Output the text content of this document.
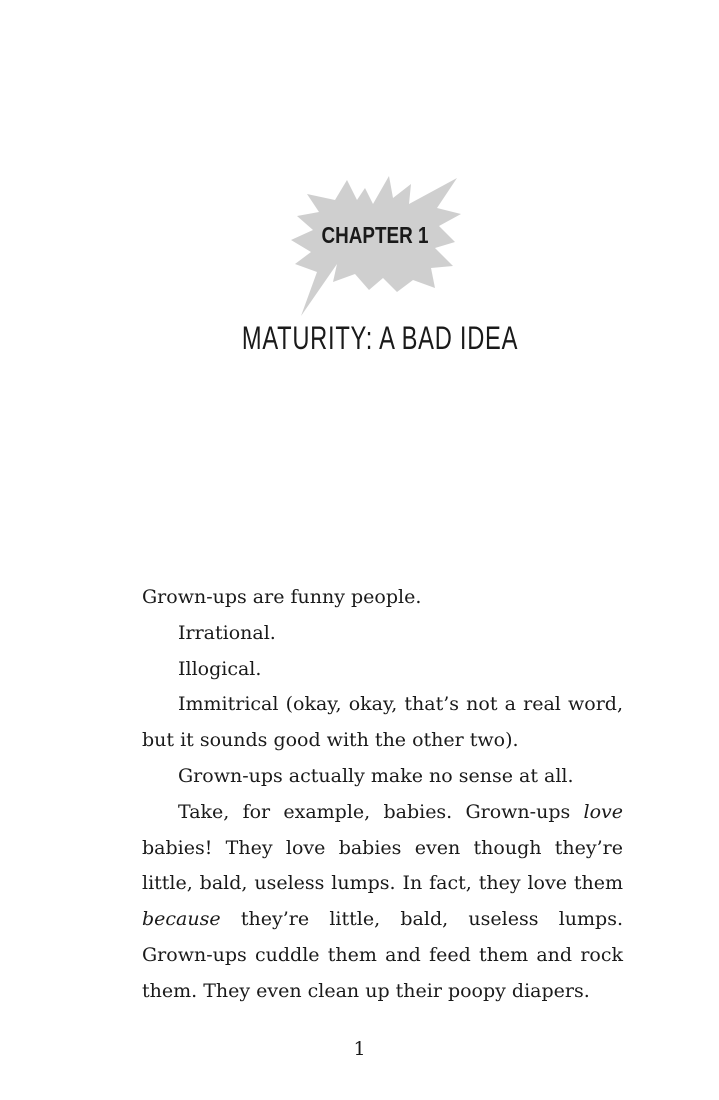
CHAPTER 1
MATURITY: A BAD IDEA

Grown-ups are funny people.

Irrational.

Illogical.

Immitrical (okay, okay, that’s not a real word, but it sounds good with the other two).

Grown-ups actually make no sense at all.

Take, for example, babies. Grown-ups love babies! They love babies even though they’re little, bald, useless lumps. In fact, they love them because they’re little, bald, useless lumps. Grown-ups cuddle them and feed them and rock them. They even clean up their poopy diapers.

1
